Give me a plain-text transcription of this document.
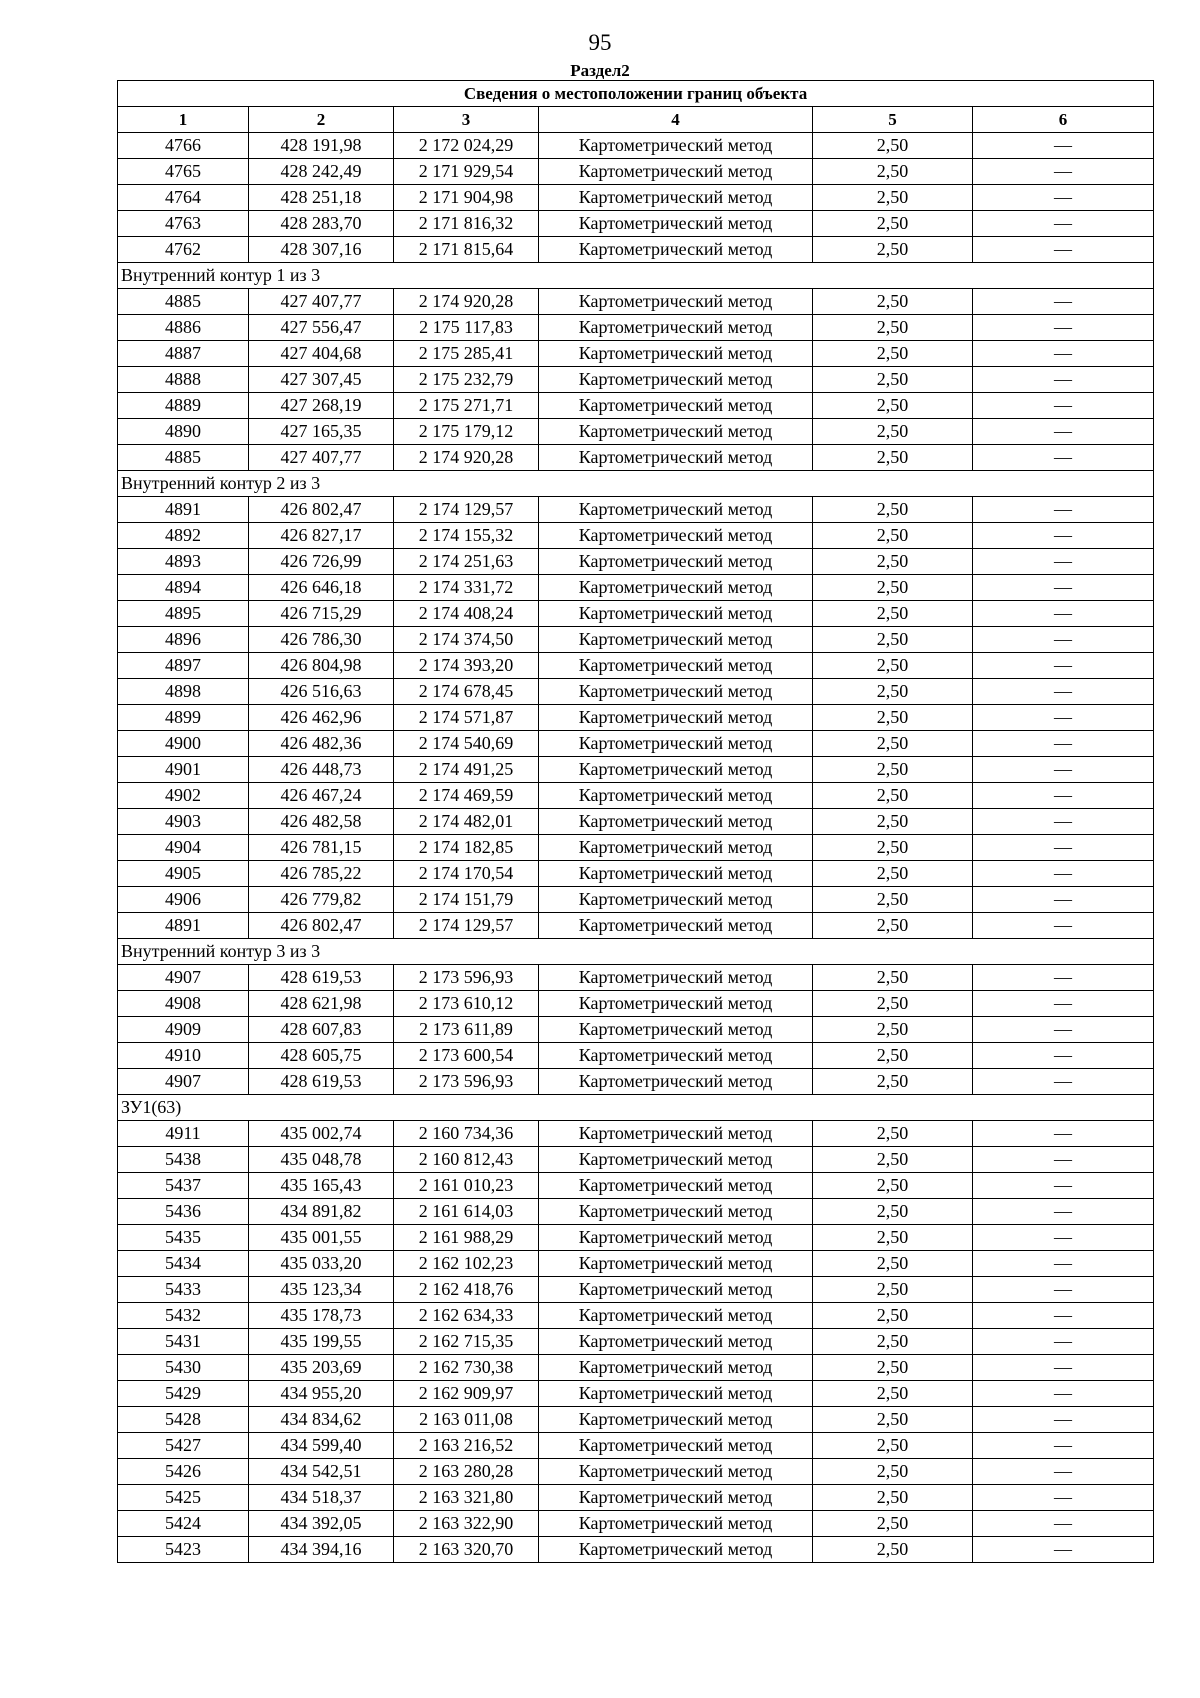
95
Раздел2
Сведения о местоположении границ объекта					
1	2	3	4	5	6
4766	428 191,98	2 172 024,29	Картометрический метод	2,50	—
4765	428 242,49	2 171 929,54	Картометрический метод	2,50	—
4764	428 251,18	2 171 904,98	Картометрический метод	2,50	—
4763	428 283,70	2 171 816,32	Картометрический метод	2,50	—
4762	428 307,16	2 171 815,64	Картометрический метод	2,50	—
Внутренний контур 1 из 3					
4885	427 407,77	2 174 920,28	Картометрический метод	2,50	—
4886	427 556,47	2 175 117,83	Картометрический метод	2,50	—
4887	427 404,68	2 175 285,41	Картометрический метод	2,50	—
4888	427 307,45	2 175 232,79	Картометрический метод	2,50	—
4889	427 268,19	2 175 271,71	Картометрический метод	2,50	—
4890	427 165,35	2 175 179,12	Картометрический метод	2,50	—
4885	427 407,77	2 174 920,28	Картометрический метод	2,50	—
Внутренний контур 2 из 3					
4891	426 802,47	2 174 129,57	Картометрический метод	2,50	—
4892	426 827,17	2 174 155,32	Картометрический метод	2,50	—
4893	426 726,99	2 174 251,63	Картометрический метод	2,50	—
4894	426 646,18	2 174 331,72	Картометрический метод	2,50	—
4895	426 715,29	2 174 408,24	Картометрический метод	2,50	—
4896	426 786,30	2 174 374,50	Картометрический метод	2,50	—
4897	426 804,98	2 174 393,20	Картометрический метод	2,50	—
4898	426 516,63	2 174 678,45	Картометрический метод	2,50	—
4899	426 462,96	2 174 571,87	Картометрический метод	2,50	—
4900	426 482,36	2 174 540,69	Картометрический метод	2,50	—
4901	426 448,73	2 174 491,25	Картометрический метод	2,50	—
4902	426 467,24	2 174 469,59	Картометрический метод	2,50	—
4903	426 482,58	2 174 482,01	Картометрический метод	2,50	—
4904	426 781,15	2 174 182,85	Картометрический метод	2,50	—
4905	426 785,22	2 174 170,54	Картометрический метод	2,50	—
4906	426 779,82	2 174 151,79	Картометрический метод	2,50	—
4891	426 802,47	2 174 129,57	Картометрический метод	2,50	—
Внутренний контур 3 из 3					
4907	428 619,53	2 173 596,93	Картометрический метод	2,50	—
4908	428 621,98	2 173 610,12	Картометрический метод	2,50	—
4909	428 607,83	2 173 611,89	Картометрический метод	2,50	—
4910	428 605,75	2 173 600,54	Картометрический метод	2,50	—
4907	428 619,53	2 173 596,93	Картометрический метод	2,50	—
ЗУ1(63)					
4911	435 002,74	2 160 734,36	Картометрический метод	2,50	—
5438	435 048,78	2 160 812,43	Картометрический метод	2,50	—
5437	435 165,43	2 161 010,23	Картометрический метод	2,50	—
5436	434 891,82	2 161 614,03	Картометрический метод	2,50	—
5435	435 001,55	2 161 988,29	Картометрический метод	2,50	—
5434	435 033,20	2 162 102,23	Картометрический метод	2,50	—
5433	435 123,34	2 162 418,76	Картометрический метод	2,50	—
5432	435 178,73	2 162 634,33	Картометрический метод	2,50	—
5431	435 199,55	2 162 715,35	Картометрический метод	2,50	—
5430	435 203,69	2 162 730,38	Картометрический метод	2,50	—
5429	434 955,20	2 162 909,97	Картометрический метод	2,50	—
5428	434 834,62	2 163 011,08	Картометрический метод	2,50	—
5427	434 599,40	2 163 216,52	Картометрический метод	2,50	—
5426	434 542,51	2 163 280,28	Картометрический метод	2,50	—
5425	434 518,37	2 163 321,80	Картометрический метод	2,50	—
5424	434 392,05	2 163 322,90	Картометрический метод	2,50	—
5423	434 394,16	2 163 320,70	Картометрический метод	2,50	—
